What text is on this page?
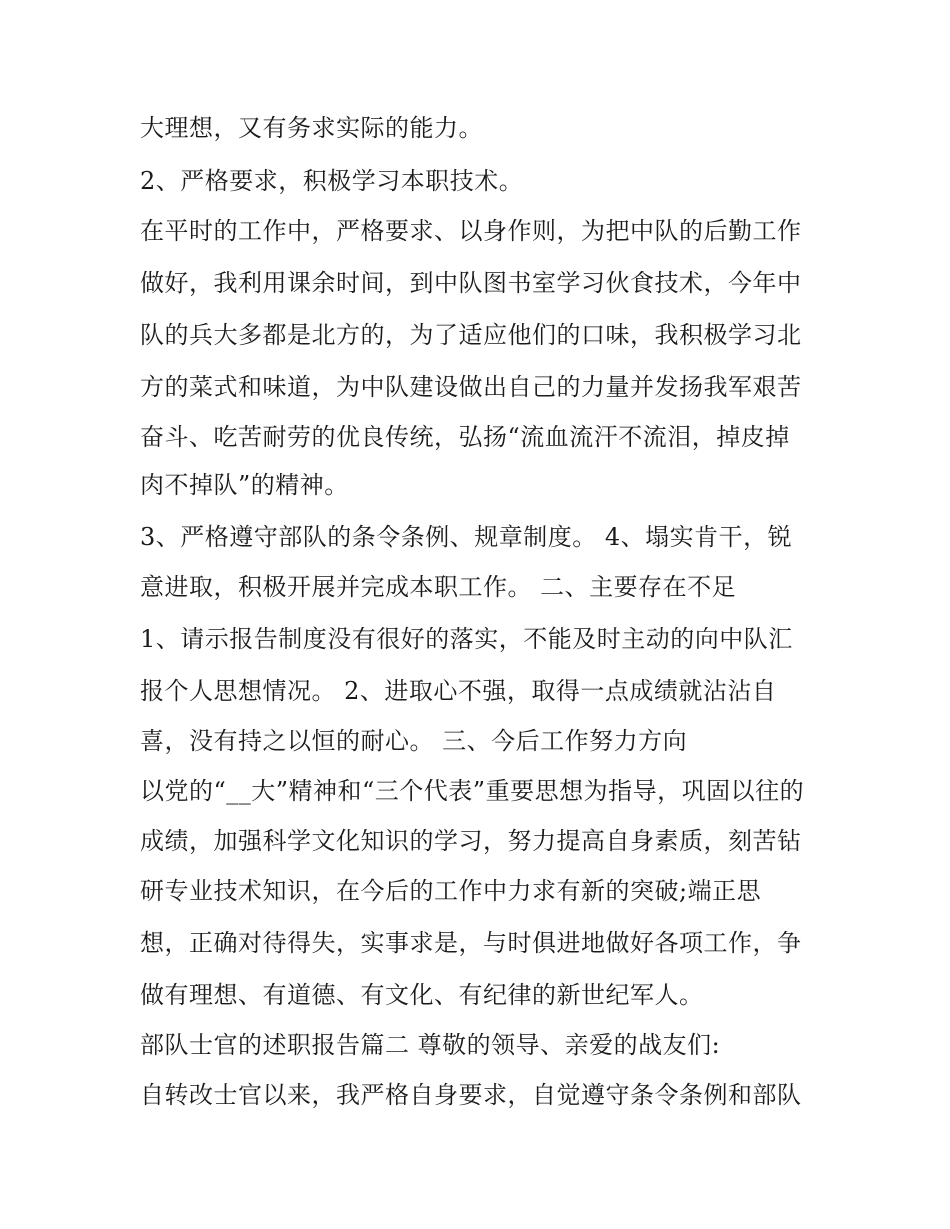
大理想，又有务求实际的能力。
2、严格要求，积极学习本职技术。
在平时的工作中，严格要求、以身作则，为把中队的后勤工作
做好，我利用课余时间，到中队图书室学习伙食技术，今年中
队的兵大多都是北方的，为了适应他们的口味，我积极学习北
方的菜式和味道，为中队建设做出自己的力量并发扬我军艰苦
奋斗、吃苦耐劳的优良传统，弘扬“流血流汗不流泪，掉皮掉
肉不掉队”的精神。
3、严格遵守部队的条令条例、规章制度。 4、塌实肯干，锐
意进取，积极开展并完成本职工作。 二、主要存在不足
1、请示报告制度没有很好的落实，不能及时主动的向中队汇
报个人思想情况。 2、进取心不强，取得一点成绩就沾沾自
喜，没有持之以恒的耐心。 三、今后工作努力方向
以党的“__大”精神和“三个代表”重要思想为指导，巩固以往的
成绩，加强科学文化知识的学习，努力提高自身素质，刻苦钻
研专业技术知识，在今后的工作中力求有新的突破;端正思
想，正确对待得失，实事求是，与时俱进地做好各项工作，争
做有理想、有道德、有文化、有纪律的新世纪军人。
部队士官的述职报告篇二 尊敬的领导、亲爱的战友们:
自转改士官以来，我严格自身要求，自觉遵守条令条例和部队
